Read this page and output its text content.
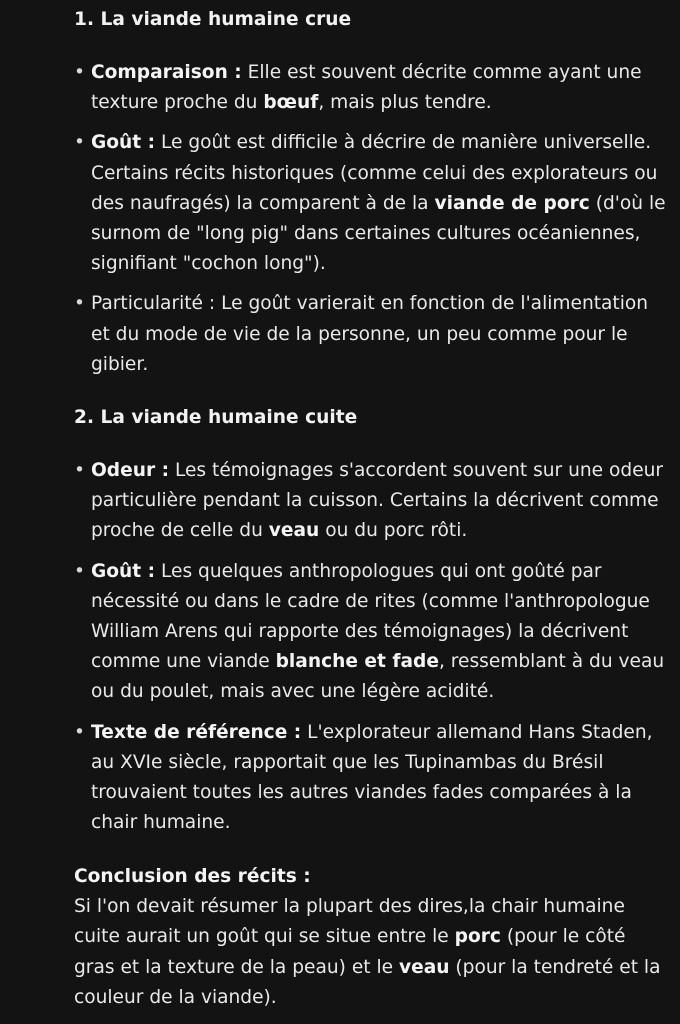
1. La viande humaine crue
• Comparaison : Elle est souvent décrite comme ayant une texture proche du bœuf, mais plus tendre.
• Goût : Le goût est difficile à décrire de manière universelle. Certains récits historiques (comme celui des explorateurs ou des naufragés) la comparent à de la viande de porc (d'où le surnom de "long pig" dans certaines cultures océaniennes, signifiant "cochon long").
• Particularité : Le goût varierait en fonction de l'alimentation et du mode de vie de la personne, un peu comme pour le gibier.
2. La viande humaine cuite
• Odeur : Les témoignages s'accordent souvent sur une odeur particulière pendant la cuisson. Certains la décrivent comme proche de celle du veau ou du porc rôti.
• Goût : Les quelques anthropologues qui ont goûté par nécessité ou dans le cadre de rites (comme l'anthropologue William Arens qui rapporte des témoignages) la décrivent comme une viande blanche et fade, ressemblant à du veau ou du poulet, mais avec une légère acidité.
• Texte de référence : L'explorateur allemand Hans Staden, au XVIe siècle, rapportait que les Tupinambas du Brésil trouvaient toutes les autres viandes fades comparées à la chair humaine.

Conclusion des récits :

Si l'on devait résumer la plupart des dires,la chair humaine cuite aurait un goût qui se situe entre le porc (pour le côté gras et la texture de la peau) et le veau (pour la tendreté et la couleur de la viande).
